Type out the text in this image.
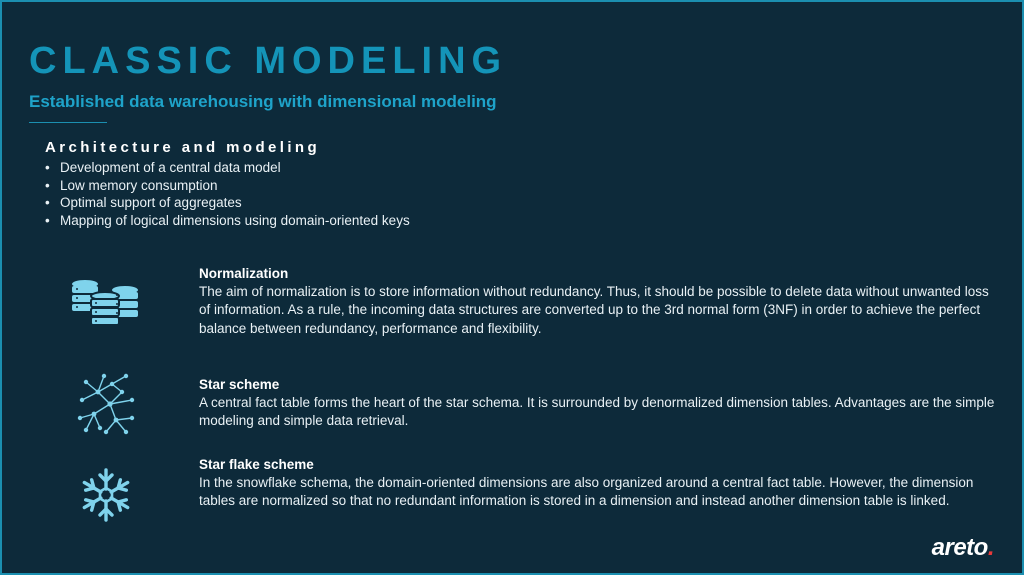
CLASSIC MODELING
Established data warehousing with dimensional modeling
Architecture and modeling
• Development of a central data model
• Low memory consumption
• Optimal support of aggregates
• Mapping of logical dimensions using domain-oriented keys
Normalization

The aim of normalization is to store information without redundancy. Thus, it should be possible to delete data without unwanted loss of information. As a rule, the incoming data structures are converted up to the 3rd normal form (3NF) in order to achieve the perfect balance between redundancy, performance and flexibility.

Star scheme

A central fact table forms the heart of the star schema. It is surrounded by denormalized dimension tables. Advantages are the simple modeling and simple data retrieval.

Star flake scheme

In the snowflake schema, the domain-oriented dimensions are also organized around a central fact table. However, the dimension tables are normalized so that no redundant information is stored in a dimension and instead another dimension table is linked.

areto.
